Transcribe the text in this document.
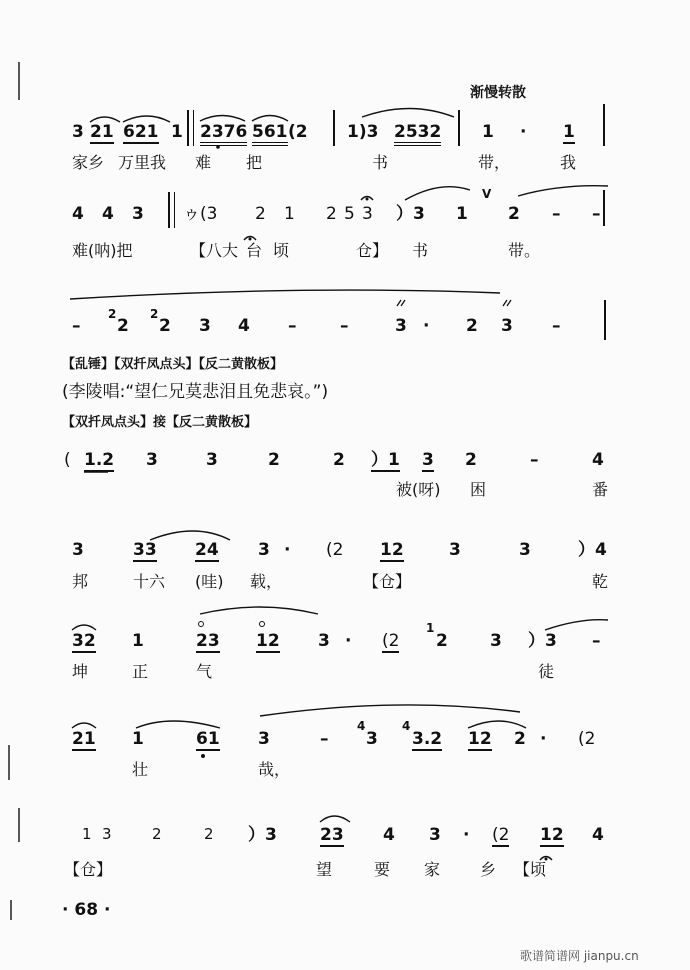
渐慢转散
3 21 621 1 2376 561 (2 1)3 2532 1 · 1
家乡 万里我 难 把	书	带，	我
4 4 3 ゥ(3 2 1 2 5 3 ）3 1 2 – –
V
难(呐)把	【八大 台 顷	仓】 书	带。
–
2
2
2
2 3 4 –	–	3 · 2 3 –
【乱锤】【双扦凤点头】【反二黄散板】
(李陵唱:“望仁兄莫悲泪且免悲哀。”)
【双扦凤点头】接【反二黄散板】
( 1.2 3	3	2	2 ）1 3 2	–	4
被(呀) 困	番
3	33 24 3 · (2 12	3	3	）4
邦	十六 (哇) 载，	【仓】	乾
32 1	23 12 3 · (2
1
2 3 ）3 –
坤	正	气	徒
21 1	61 3	–
4
3
4
3.2 12 2 · (2
壮	哉，
1 3	2	2 ）3	23 4 3 · (2 12 4
【仓】	望	要 家 乡 【顷
· 68 ·
歌谱简谱网 jianpu.cn
